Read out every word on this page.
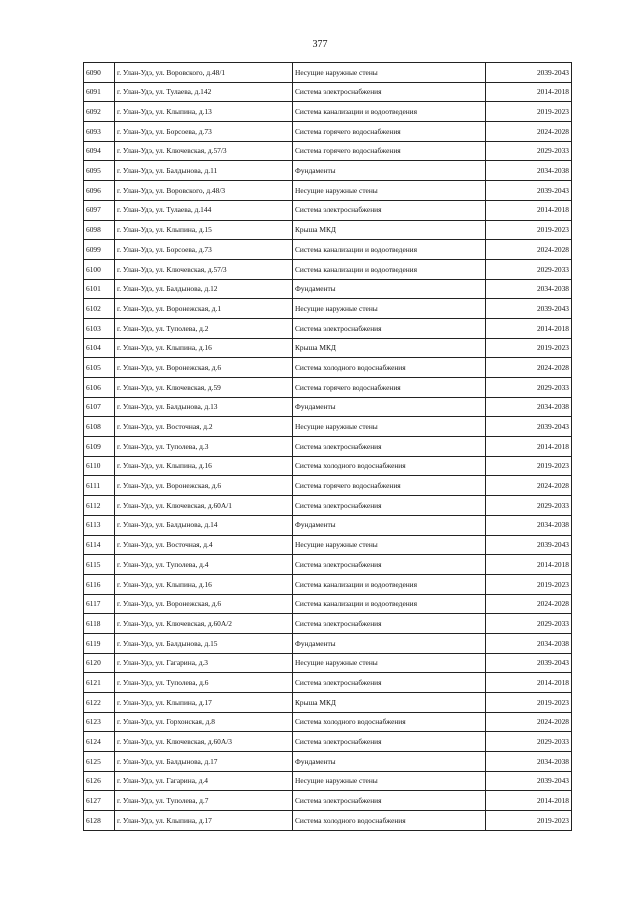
377
6090	г. Улан-Удэ, ул. Воровского, д.48/1	Несущие наружные стены	2039-2043
6091	г. Улан-Удэ, ул. Тулаева, д.142	Система электроснабжения	2014-2018
6092	г. Улан-Удэ, ул. Клыпина, д.13	Система канализации и водоотведения	2019-2023
6093	г. Улан-Удэ, ул. Борсоева, д.73	Система горячего водоснабжения	2024-2028
6094	г. Улан-Удэ, ул. Ключевская, д.57/3	Система горячего водоснабжения	2029-2033
6095	г. Улан-Удэ, ул. Балдынова, д.11	Фундаменты	2034-2038
6096	г. Улан-Удэ, ул. Воровского, д.48/3	Несущие наружные стены	2039-2043
6097	г. Улан-Удэ, ул. Тулаева, д.144	Система электроснабжения	2014-2018
6098	г. Улан-Удэ, ул. Клыпина, д.15	Крыша МКД	2019-2023
6099	г. Улан-Удэ, ул. Борсоева, д.73	Система канализации и водоотведения	2024-2028
6100	г. Улан-Удэ, ул. Ключевская, д.57/3	Система канализации и водоотведения	2029-2033
6101	г. Улан-Удэ, ул. Балдынова, д.12	Фундаменты	2034-2038
6102	г. Улан-Удэ, ул. Воронежская, д.1	Несущие наружные стены	2039-2043
6103	г. Улан-Удэ, ул. Туполева, д.2	Система электроснабжения	2014-2018
6104	г. Улан-Удэ, ул. Клыпина, д.16	Крыша МКД	2019-2023
6105	г. Улан-Удэ, ул. Воронежская, д.6	Система холодного водоснабжения	2024-2028
6106	г. Улан-Удэ, ул. Ключевская, д.59	Система горячего водоснабжения	2029-2033
6107	г. Улан-Удэ, ул. Балдынова, д.13	Фундаменты	2034-2038
6108	г. Улан-Удэ, ул. Восточная, д.2	Несущие наружные стены	2039-2043
6109	г. Улан-Удэ, ул. Туполева, д.3	Система электроснабжения	2014-2018
6110	г. Улан-Удэ, ул. Клыпина, д.16	Система холодного водоснабжения	2019-2023
6111	г. Улан-Удэ, ул. Воронежская, д.6	Система горячего водоснабжения	2024-2028
6112	г. Улан-Удэ, ул. Ключевская, д.60А/1	Система электроснабжения	2029-2033
6113	г. Улан-Удэ, ул. Балдынова, д.14	Фундаменты	2034-2038
6114	г. Улан-Удэ, ул. Восточная, д.4	Несущие наружные стены	2039-2043
6115	г. Улан-Удэ, ул. Туполева, д.4	Система электроснабжения	2014-2018
6116	г. Улан-Удэ, ул. Клыпина, д.16	Система канализации и водоотведения	2019-2023
6117	г. Улан-Удэ, ул. Воронежская, д.6	Система канализации и водоотведения	2024-2028
6118	г. Улан-Удэ, ул. Ключевская, д.60А/2	Система электроснабжения	2029-2033
6119	г. Улан-Удэ, ул. Балдынова, д.15	Фундаменты	2034-2038
6120	г. Улан-Удэ, ул. Гагарина, д.3	Несущие наружные стены	2039-2043
6121	г. Улан-Удэ, ул. Туполева, д.6	Система электроснабжения	2014-2018
6122	г. Улан-Удэ, ул. Клыпина, д.17	Крыша МКД	2019-2023
6123	г. Улан-Удэ, ул. Горхонская, д.8	Система холодного водоснабжения	2024-2028
6124	г. Улан-Удэ, ул. Ключевская, д.60А/3	Система электроснабжения	2029-2033
6125	г. Улан-Удэ, ул. Балдынова, д.17	Фундаменты	2034-2038
6126	г. Улан-Удэ, ул. Гагарина, д.4	Несущие наружные стены	2039-2043
6127	г. Улан-Удэ, ул. Туполева, д.7	Система электроснабжения	2014-2018
6128	г. Улан-Удэ, ул. Клыпина, д.17	Система холодного водоснабжения	2019-2023
